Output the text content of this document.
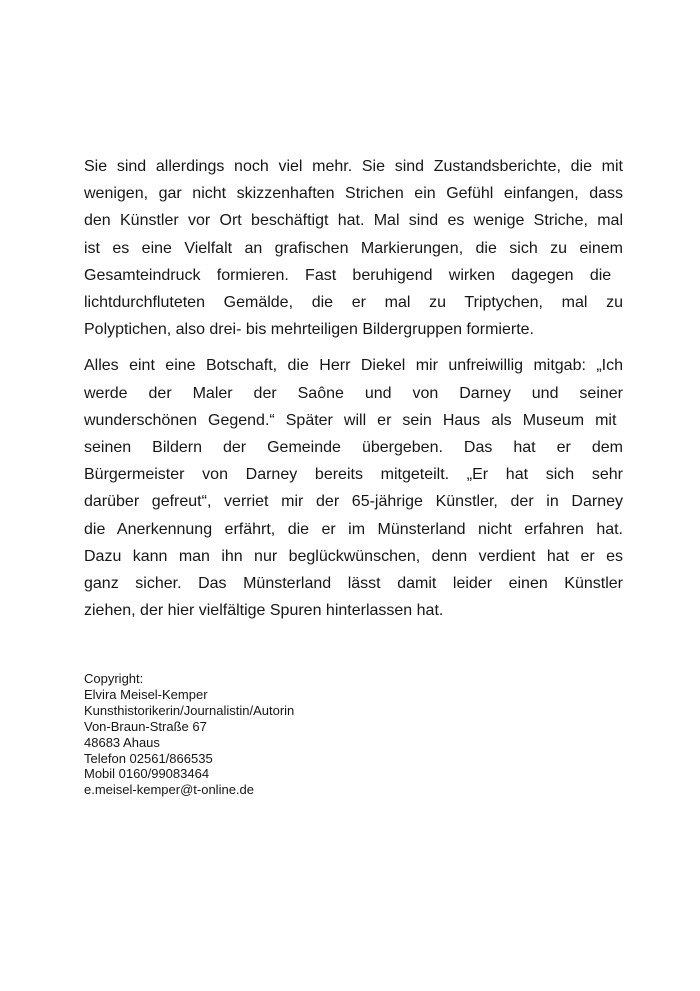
Sie sind allerdings noch viel mehr. Sie sind Zustandsberichte, die mit
wenigen, gar nicht skizzenhaften Strichen ein Gefühl einfangen, dass
den Künstler vor Ort beschäftigt hat. Mal sind es wenige Striche, mal
ist es eine Vielfalt an grafischen Markierungen, die sich zu einem
Gesamteindruck formieren. Fast beruhigend wirken dagegen die
lichtdurchfluteten Gemälde, die er mal zu Triptychen, mal zu
Polyptichen, also drei- bis mehrteiligen Bildergruppen formierte.
Alles eint eine Botschaft, die Herr Diekel mir unfreiwillig mitgab: „Ich
werde der Maler der Saône und von Darney und seiner
wunderschönen Gegend.“ Später will er sein Haus als Museum mit
seinen Bildern der Gemeinde übergeben. Das hat er dem
Bürgermeister von Darney bereits mitgeteilt. „Er hat sich sehr
darüber gefreut“, verriet mir der 65-jährige Künstler, der in Darney
die Anerkennung erfährt, die er im Münsterland nicht erfahren hat.
Dazu kann man ihn nur beglückwünschen, denn verdient hat er es
ganz sicher. Das Münsterland lässt damit leider einen Künstler
ziehen, der hier vielfältige Spuren hinterlassen hat.
Copyright:
Elvira Meisel-Kemper
Kunsthistorikerin/Journalistin/Autorin
Von-Braun-Straße 67
48683 Ahaus
Telefon 02561/866535
Mobil 0160/99083464
e.meisel-kemper@t-online.de
